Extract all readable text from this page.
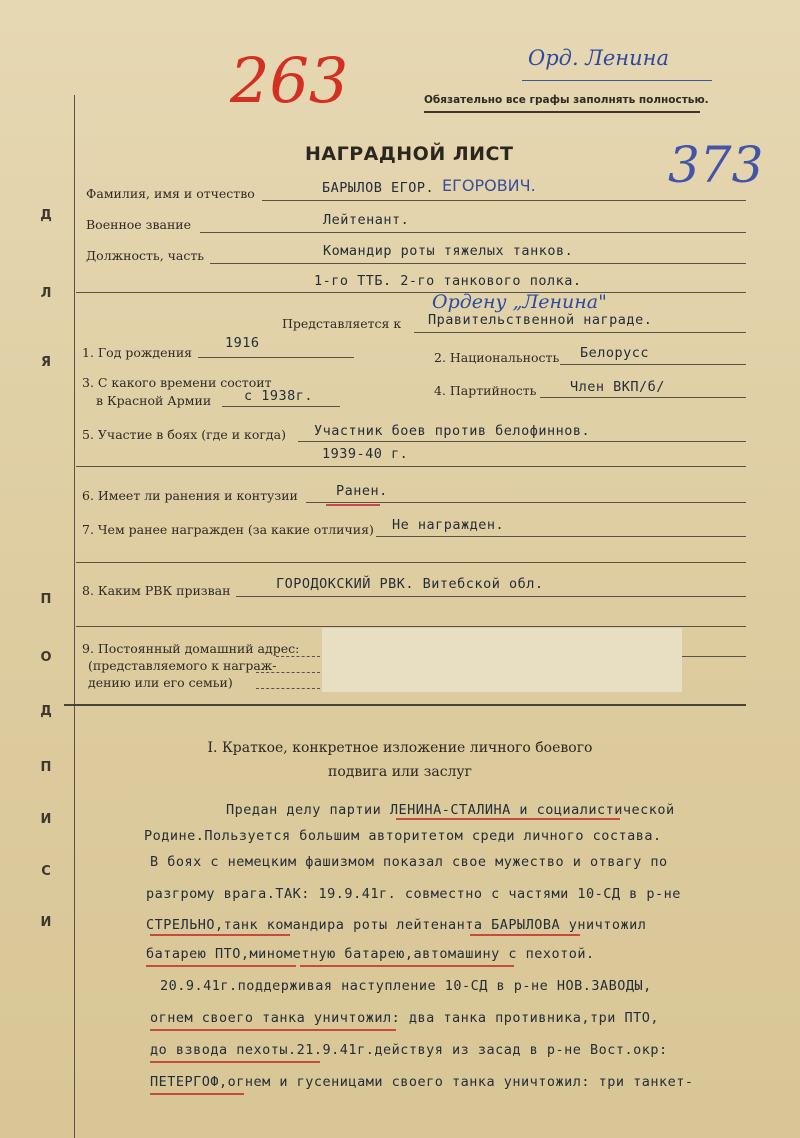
Д
Л
Я
П
О
Д
П
И
С
И
Орд. Ленина
Обязательно все графы заполнять полностью.
263
373
НАГРАДНОЙ ЛИСТ
Фамилия, имя и отчество	БАРЫЛОВ ЕГОР. ЕГОРОВИЧ.
Военное звание	Лейтенант.
Должность, часть	Командир роты тяжелых танков.
1-го ТТБ. 2-го танкового полка.
Ордену „Ленина"
Представляется к Правительственной награде.
1. Год рождения
1916
2. Национальность Белорусс
3. С какого времени состоит
в Красной Армии с 1938г.	4. Партийность Член ВКП/б/
5. Участие в боях (где и когда) Участник боев против белофиннов.
1939-40 г.
6. Имеет ли ранения и контузии	Ранен.
7. Чем ранее награжден (за какие отличия) Не награжден.
8. Каким РВК призван	ГОРОДОКСКИЙ РВК. Витебской обл.
9. Постоянный домашний адрес:
(представляемого к награж-
дению или его семьи)
I. Краткое, конкретное изложение личного боевого
подвига или заслуг
Предан делу партии ЛЕНИНА-СТАЛИНА и социалистической
Родине.Пользуется большим авторитетом среди личного состава.
В боях с немецким фашизмом показал свое мужество и отвагу по
разгрому врага.ТАК: 19.9.41г. совместно с частями 10-СД в р-не
СТРЕЛЬНО,танк командира роты лейтенанта БАРЫЛОВА уничтожил
батарею ПТО,минометную батарею,автомашину с пехотой.
20.9.41г.поддерживая наступление 10-СД в р-не НОВ.ЗАВОДЫ,
огнем своего танка уничтожил: два танка противника,три ПТО,
до взвода пехоты.21.9.41г.действуя из засад в р-не Вост.окр:
ПЕТЕРГОФ,огнем и гусеницами своего танка уничтожил: три танкет-
